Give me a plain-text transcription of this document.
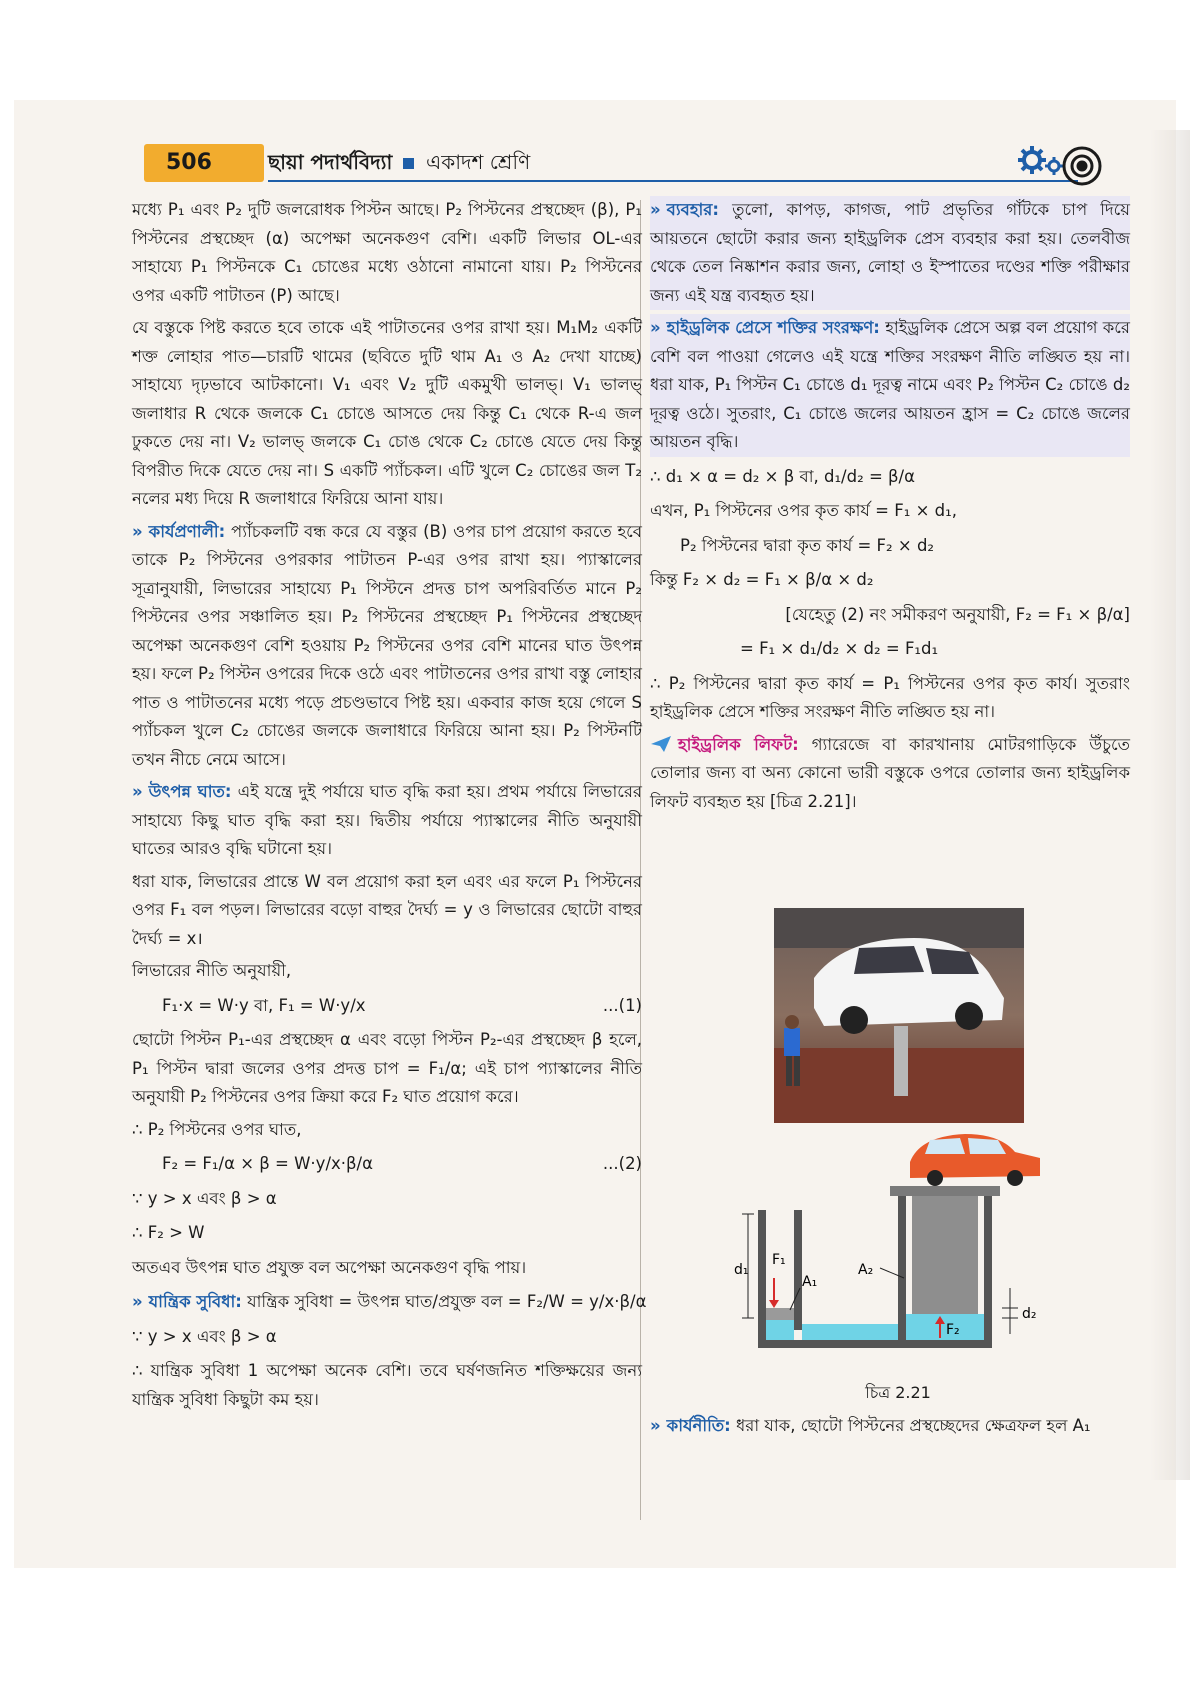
506	ছায়া পদার্থবিদ্যা একাদশ শ্রেণি

মধ্যে P₁ এবং P₂ দুটি জলরোধক পিস্টন আছে। P₂ পিস্টনের প্রস্থচ্ছেদ (β), P₁ পিস্টনের প্রস্থচ্ছেদ (α) অপেক্ষা অনেকগুণ বেশি। একটি লিভার OL-এর সাহায্যে P₁ পিস্টনকে C₁ চোঙের মধ্যে ওঠানো নামানো যায়। P₂ পিস্টনের ওপর একটি পাটাতন (P) আছে।

যে বস্তুকে পিষ্ট করতে হবে তাকে এই পাটাতনের ওপর রাখা হয়। M₁M₂ একটি শক্ত লোহার পাত—চারটি থামের (ছবিতে দুটি থাম A₁ ও A₂ দেখা যাচ্ছে) সাহায্যে দৃঢ়ভাবে আটকানো। V₁ এবং V₂ দুটি একমুখী ভালভ্। V₁ ভালভ্ জলাধার R থেকে জলকে C₁ চোঙে আসতে দেয় কিন্তু C₁ থেকে R-এ জল ঢুকতে দেয় না। V₂ ভালভ্ জলকে C₁ চোঙ থেকে C₂ চোঙে যেতে দেয় কিন্তু বিপরীত দিকে যেতে দেয় না। S একটি প্যাঁচকল। এটি খুলে C₂ চোঙের জল T₂ নলের মধ্য দিয়ে R জলাধারে ফিরিয়ে আনা যায়।

» কার্যপ্রণালী: প্যাঁচকলটি বন্ধ করে যে বস্তুর (B) ওপর চাপ প্রয়োগ করতে হবে তাকে P₂ পিস্টনের ওপরকার পাটাতন P-এর ওপর রাখা হয়। প্যাস্কালের সূত্রানুযায়ী, লিভারের সাহায্যে P₁ পিস্টনে প্রদত্ত চাপ অপরিবর্তিত মানে P₂ পিস্টনের ওপর সঞ্চালিত হয়। P₂ পিস্টনের প্রস্থচ্ছেদ P₁ পিস্টনের প্রস্থচ্ছেদ অপেক্ষা অনেকগুণ বেশি হওয়ায় P₂ পিস্টনের ওপর বেশি মানের ঘাত উৎপন্ন হয়। ফলে P₂ পিস্টন ওপরের দিকে ওঠে এবং পাটাতনের ওপর রাখা বস্তু লোহার পাত ও পাটাতনের মধ্যে পড়ে প্রচণ্ডভাবে পিষ্ট হয়। একবার কাজ হয়ে গেলে S প্যাঁচকল খুলে C₂ চোঙের জলকে জলাধারে ফিরিয়ে আনা হয়। P₂ পিস্টনটি তখন নীচে নেমে আসে।

» উৎপন্ন ঘাত: এই যন্ত্রে দুই পর্যায়ে ঘাত বৃদ্ধি করা হয়। প্রথম পর্যায়ে লিভারের সাহায্যে কিছু ঘাত বৃদ্ধি করা হয়। দ্বিতীয় পর্যায়ে প্যাস্কালের নীতি অনুযায়ী ঘাতের আরও বৃদ্ধি ঘটানো হয়।

ধরা যাক, লিভারের প্রান্তে W বল প্রয়োগ করা হল এবং এর ফলে P₁ পিস্টনের ওপর F₁ বল পড়ল। লিভারের বড়ো বাহুর দৈর্ঘ্য = y ও লিভারের ছোটো বাহুর দৈর্ঘ্য = x।

লিভারের নীতি অনুযায়ী,

F₁·x = W·y বা, F₁ = W·y/x	...(1)

ছোটো পিস্টন P₁-এর প্রস্থচ্ছেদ α এবং বড়ো পিস্টন P₂-এর প্রস্থচ্ছেদ β হলে, P₁ পিস্টন দ্বারা জলের ওপর প্রদত্ত চাপ = F₁/α; এই চাপ প্যাস্কালের নীতি অনুযায়ী P₂ পিস্টনের ওপর ক্রিয়া করে F₂ ঘাত প্রয়োগ করে।

∴ P₂ পিস্টনের ওপর ঘাত,

F₂ = F₁/α × β = W·y/x·β/α	...(2)
∵ y > x এবং β > α
∴ F₂ > W

অতএব উৎপন্ন ঘাত প্রযুক্ত বল অপেক্ষা অনেকগুণ বৃদ্ধি পায়।

» যান্ত্রিক সুবিধা: যান্ত্রিক সুবিধা = উৎপন্ন ঘাত/প্রযুক্ত বল = F₂/W = y/x·β/α
∵ y > x এবং β > α

∴ যান্ত্রিক সুবিধা 1 অপেক্ষা অনেক বেশি। তবে ঘর্ষণজনিত শক্তিক্ষয়ের জন্য যান্ত্রিক সুবিধা কিছুটা কম হয়।

» ব্যবহার: তুলো, কাপড়, কাগজ, পাট প্রভৃতির গাঁটকে চাপ দিয়ে আয়তনে ছোটো করার জন্য হাইড্রলিক প্রেস ব্যবহার করা হয়। তেলবীজ থেকে তেল নিষ্কাশন করার জন্য, লোহা ও ইস্পাতের দণ্ডের শক্তি পরীক্ষার জন্য এই যন্ত্র ব্যবহৃত হয়।

» হাইড্রলিক প্রেসে শক্তির সংরক্ষণ: হাইড্রলিক প্রেসে অল্প বল প্রয়োগ করে বেশি বল পাওয়া গেলেও এই যন্ত্রে শক্তির সংরক্ষণ নীতি লঙ্ঘিত হয় না। ধরা যাক, P₁ পিস্টন C₁ চোঙে d₁ দূরত্ব নামে এবং P₂ পিস্টন C₂ চোঙে d₂ দূরত্ব ওঠে। সুতরাং, C₁ চোঙে জলের আয়তন হ্রাস = C₂ চোঙে জলের আয়তন বৃদ্ধি।

∴ d₁ × α = d₂ × β বা, d₁/d₂ = β/α

এখন, P₁ পিস্টনের ওপর কৃত কার্য = F₁ × d₁,

P₂ পিস্টনের দ্বারা কৃত কার্য = F₂ × d₂
কিন্তু F₂ × d₂ = F₁ × β/α × d₂
[যেহেতু (2) নং সমীকরণ অনুযায়ী, F₂ = F₁ × β/α]
= F₁ × d₁/d₂ × d₂ = F₁d₁

∴ P₂ পিস্টনের দ্বারা কৃত কার্য = P₁ পিস্টনের ওপর কৃত কার্য। সুতরাং হাইড্রলিক প্রেসে শক্তির সংরক্ষণ নীতি লঙ্ঘিত হয় না।

হাইড্রলিক লিফট: গ্যারেজে বা কারখানায় মোটরগাড়িকে উঁচুতে তোলার জন্য বা অন্য কোনো ভারী বস্তুকে ওপরে তোলার জন্য হাইড্রলিক লিফট ব্যবহৃত হয় [চিত্র 2.21]।

d₁
F₁
A₁
A₂
F₂
d₂
চিত্র 2.21
» কার্যনীতি: ধরা যাক, ছোটো পিস্টনের প্রস্থচ্ছেদের ক্ষেত্রফল হল A₁
